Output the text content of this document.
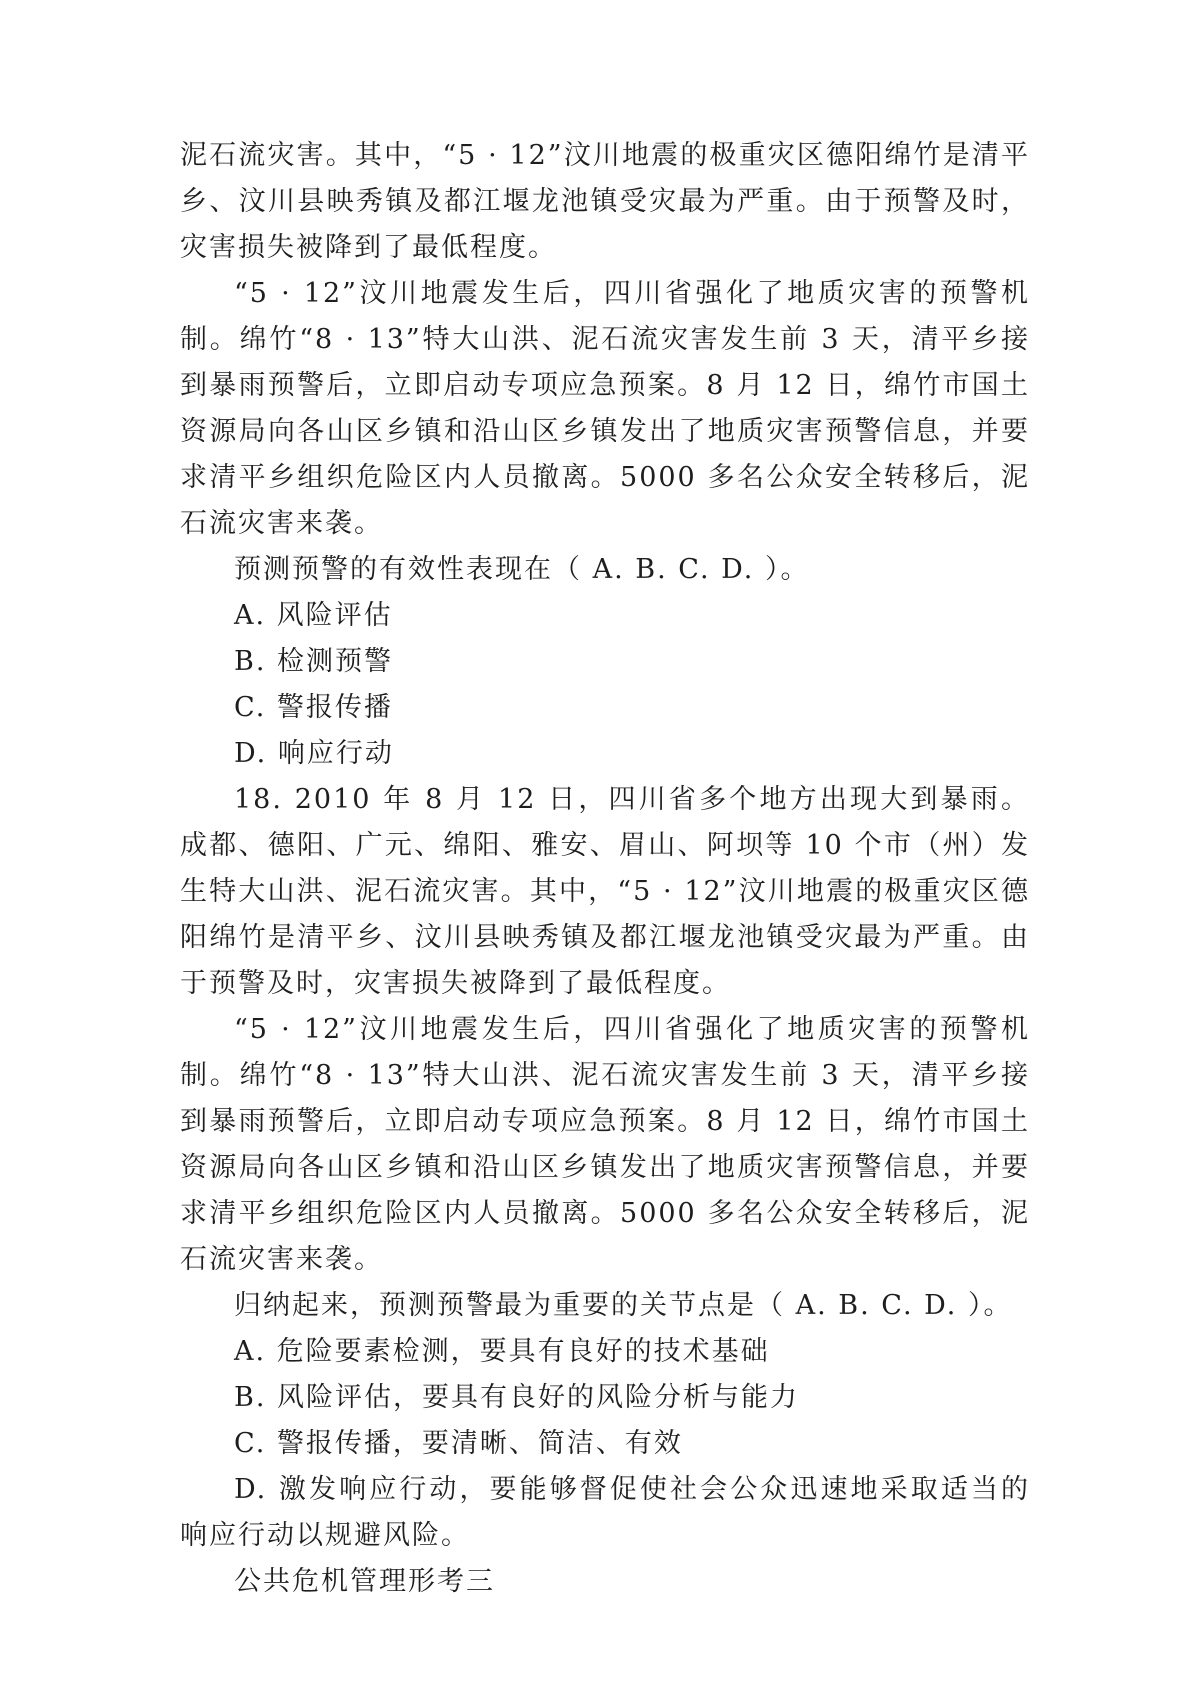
泥石流灾害。其中，“5 · 12”汶川地震的极重灾区德阳绵竹是清平乡、汶川县映秀镇及都江堰龙池镇受灾最为严重。由于预警及时，灾害损失被降到了最低程度。

“5 · 12”汶川地震发生后，四川省强化了地质灾害的预警机制。绵竹“8 · 13”特大山洪、泥石流灾害发生前 3 天，清平乡接到暴雨预警后，立即启动专项应急预案。8 月 12 日，绵竹市国土资源局向各山区乡镇和沿山区乡镇发出了地质灾害预警信息，并要求清平乡组织危险区内人员撤离。5000 多名公众安全转移后，泥石流灾害来袭。

预测预警的有效性表现在（ A. B. C. D. ）。

A. 风险评估

B. 检测预警

C. 警报传播

D. 响应行动

18. 2010 年 8 月 12 日，四川省多个地方出现大到暴雨。成都、德阳、广元、绵阳、雅安、眉山、阿坝等 10 个市（州）发生特大山洪、泥石流灾害。其中，“5 · 12”汶川地震的极重灾区德阳绵竹是清平乡、汶川县映秀镇及都江堰龙池镇受灾最为严重。由于预警及时，灾害损失被降到了最低程度。

“5 · 12”汶川地震发生后，四川省强化了地质灾害的预警机制。绵竹“8 · 13”特大山洪、泥石流灾害发生前 3 天，清平乡接到暴雨预警后，立即启动专项应急预案。8 月 12 日，绵竹市国土资源局向各山区乡镇和沿山区乡镇发出了地质灾害预警信息，并要求清平乡组织危险区内人员撤离。5000 多名公众安全转移后，泥石流灾害来袭。

归纳起来，预测预警最为重要的关节点是（ A. B. C. D. ）。

A. 危险要素检测，要具有良好的技术基础

B. 风险评估，要具有良好的风险分析与能力

C. 警报传播，要清晰、简洁、有效

D. 激发响应行动，要能够督促使社会公众迅速地采取适当的响应行动以规避风险。

公共危机管理形考三
